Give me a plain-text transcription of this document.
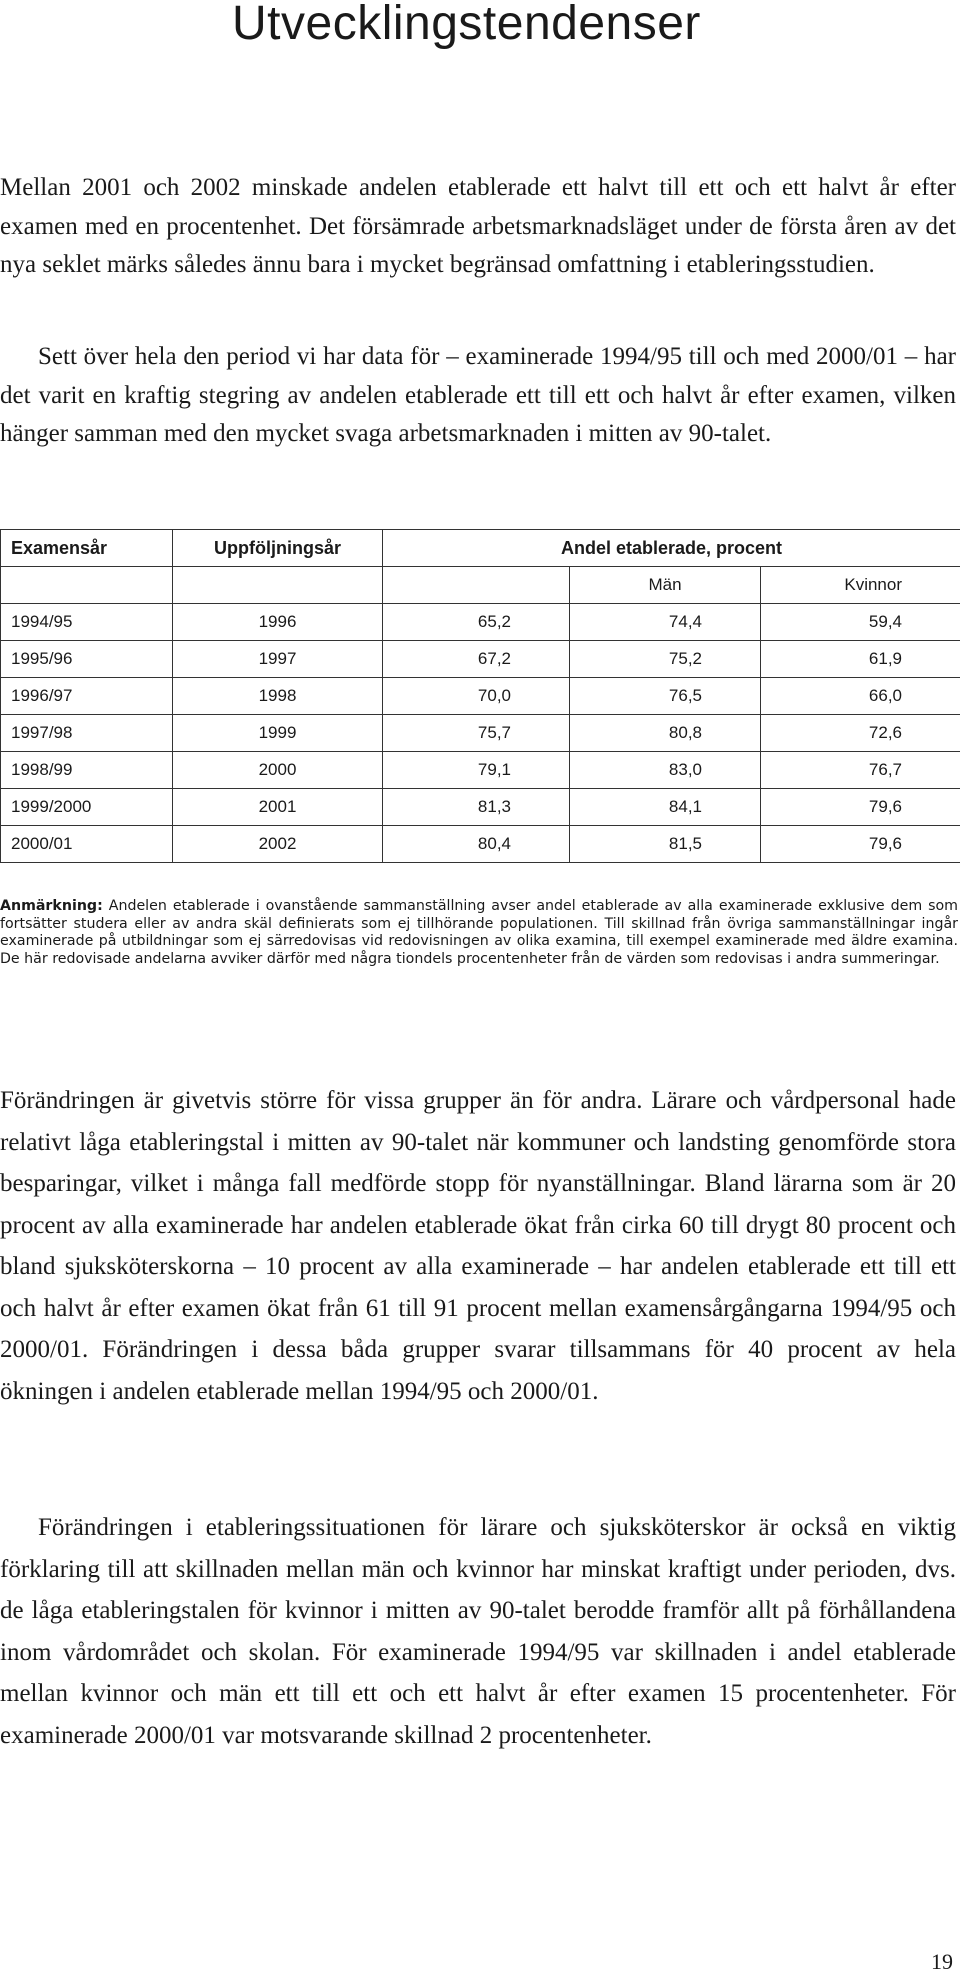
Utvecklingstendenser

Mellan 2001 och 2002 minskade andelen etablerade ett halvt till ett och ett halvt år efter examen med en procentenhet. Det försämrade arbetsmarknadsläget under de första åren av det nya seklet märks således ännu bara i mycket begränsad omfattning i etableringsstudien.

Sett över hela den period vi har data för – examinerade 1994/95 till och med 2000/01 – har det varit en kraftig stegring av andelen etablerade ett till ett och halvt år efter examen, vilken hänger samman med den mycket svaga arbetsmarknaden i mitten av 90-talet.

Examensår	Uppföljningsår	Andel etablerade, procent		
			Män	Kvinnor
1994/95	1996	65,2	74,4	59,4
1995/96	1997	67,2	75,2	61,9
1996/97	1998	70,0	76,5	66,0
1997/98	1999	75,7	80,8	72,6
1998/99	2000	79,1	83,0	76,7
1999/2000	2001	81,3	84,1	79,6
2000/01	2002	80,4	81,5	79,6

Anmärkning: Andelen etablerade i ovanstående sammanställning avser andel etablerade av alla examinerade exklusive dem som fortsätter studera eller av andra skäl definierats som ej tillhörande populationen. Till skillnad från övriga sammanställningar ingår examinerade på utbildningar som ej särredovisas vid redovisningen av olika examina, till exempel examinerade med äldre examina. De här redovisade andelarna avviker därför med några tiondels procentenheter från de värden som redovisas i andra summeringar.

Förändringen är givetvis större för vissa grupper än för andra. Lärare och vårdpersonal hade relativt låga etableringstal i mitten av 90-talet när kommuner och landsting genomförde stora besparingar, vilket i många fall medförde stopp för nyanställningar. Bland lärarna som är 20 procent av alla examinerade har andelen etablerade ökat från cirka 60 till drygt 80 procent och bland sjuksköterskorna – 10 procent av alla examinerade – har andelen etablerade ett till ett och halvt år efter examen ökat från 61 till 91 procent mellan examensårgångarna 1994/95 och 2000/01. Förändringen i dessa båda grupper svarar tillsammans för 40 procent av hela ökningen i andelen etablerade mellan 1994/95 och 2000/01.

Förändringen i etableringssituationen för lärare och sjuksköterskor är också en viktig förklaring till att skillnaden mellan män och kvinnor har minskat kraftigt under perioden, dvs. de låga etableringstalen för kvinnor i mitten av 90-talet berodde framför allt på förhållandena inom vårdområdet och skolan. För examinerade 1994/95 var skillnaden i andel etablerade mellan kvinnor och män ett till ett och ett halvt år efter examen 15 procentenheter. För examinerade 2000/01 var motsvarande skillnad 2 procentenheter.

19
